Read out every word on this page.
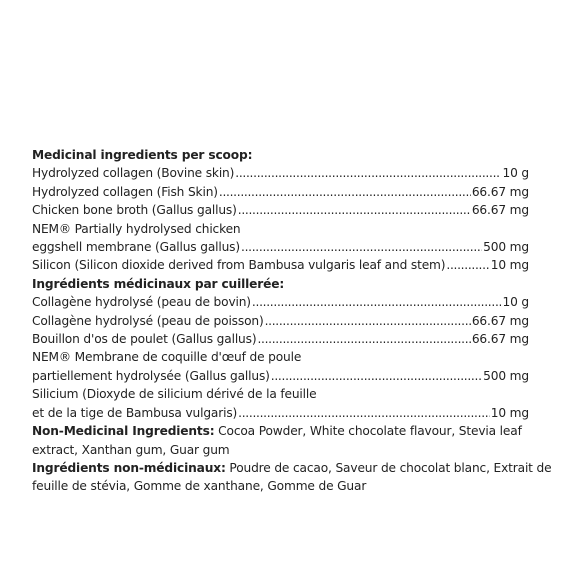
Medicinal ingredients per scoop:
Hydrolyzed collagen (Bovine skin) .....	10 g
Hydrolyzed collagen (Fish Skin) .....	66.67 mg
Chicken bone broth (Gallus gallus) .....	66.67 mg
NEM® Partially hydrolysed chicken
eggshell membrane (Gallus gallus) .....	500 mg
Silicon (Silicon dioxide derived from Bambusa vulgaris leaf and stem) .....	10 mg
Ingrédients médicinaux par cuillerée:
Collagène hydrolysé (peau de bovin) .....	10 g
Collagène hydrolysé (peau de poisson) .....	66.67 mg
Bouillon d'os de poulet (Gallus gallus) .....	66.67 mg
NEM® Membrane de coquille d'œuf de poule
partiellement hydrolysée (Gallus gallus) .....	500 mg
Silicium (Dioxyde de silicium dérivé de la feuille
et de la tige de Bambusa vulgaris) .....	10 mg
Non-Medicinal Ingredients: Cocoa Powder, White chocolate flavour, Stevia leaf extract, Xanthan gum, Guar gum
Ingrédients non-médicinaux: Poudre de cacao, Saveur de chocolat blanc, Extrait de feuille de stévia, Gomme de xanthane, Gomme de Guar
